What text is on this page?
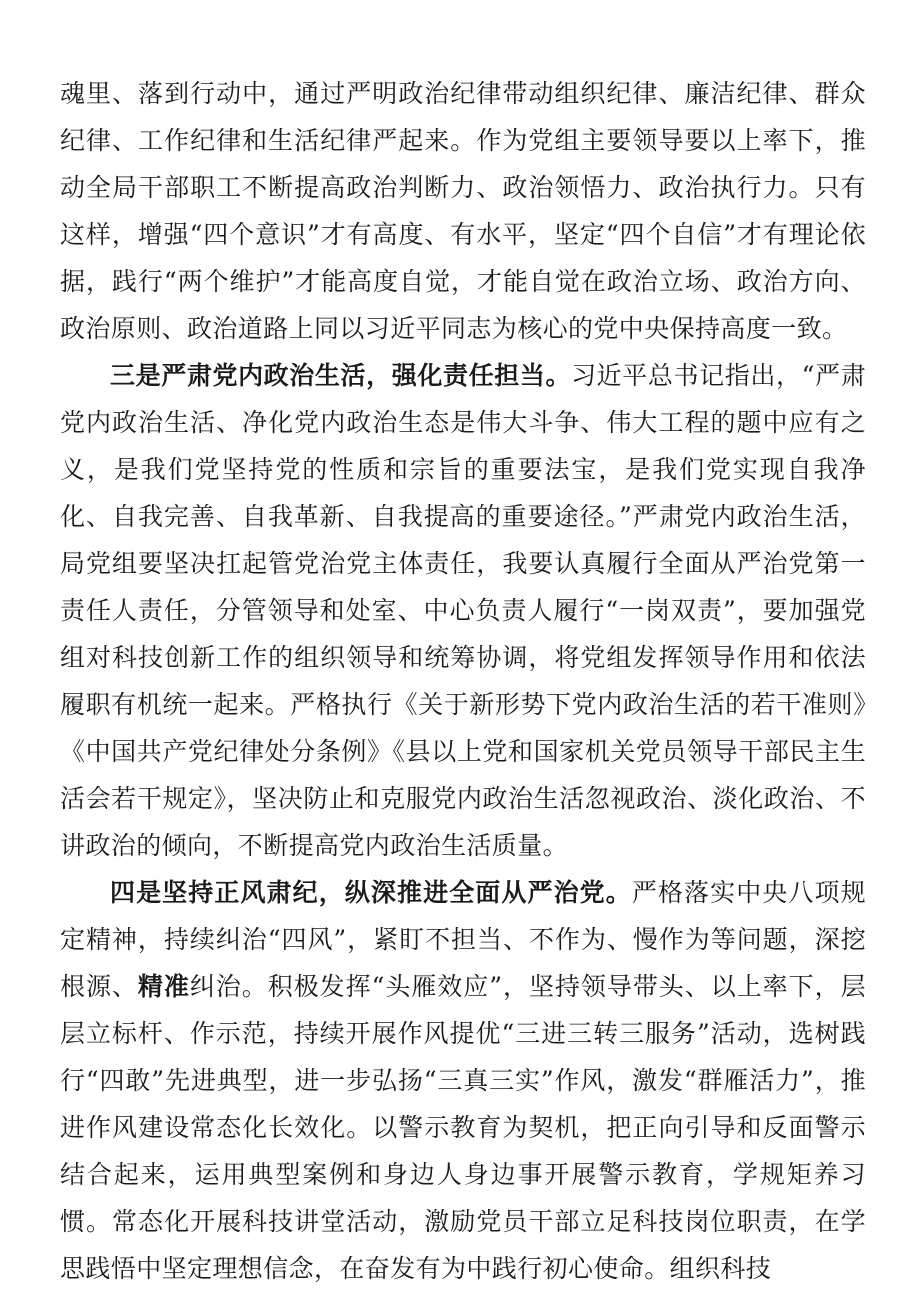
魂里、落到行动中，通过严明政治纪律带动组织纪律、廉洁纪律、群众纪律、工作纪律和生活纪律严起来。作为党组主要领导要以上率下，推动全局干部职工不断提高政治判断力、政治领悟力、政治执行力。只有这样，增强“四个意识”才有高度、有水平，坚定“四个自信”才有理论依据，践行“两个维护”才能高度自觉，才能自觉在政治立场、政治方向、政治原则、政治道路上同以习近平同志为核心的党中央保持高度一致。

三是严肃党内政治生活，强化责任担当。习近平总书记指出，“严肃党内政治生活、净化党内政治生态是伟大斗争、伟大工程的题中应有之义，是我们党坚持党的性质和宗旨的重要法宝，是我们党实现自我净化、自我完善、自我革新、自我提高的重要途径。”严肃党内政治生活，局党组要坚决扛起管党治党主体责任，我要认真履行全面从严治党第一责任人责任，分管领导和处室、中心负责人履行“一岗双责”，要加强党组对科技创新工作的组织领导和统筹协调，将党组发挥领导作用和依法履职有机统一起来。严格执行《关于新形势下党内政治生活的若干准则》《中国共产党纪律处分条例》《县以上党和国家机关党员领导干部民主生活会若干规定》，坚决防止和克服党内政治生活忽视政治、淡化政治、不讲政治的倾向，不断提高党内政治生活质量。

四是坚持正风肃纪，纵深推进全面从严治党。严格落实中央八项规定精神，持续纠治“四风”，紧盯不担当、不作为、慢作为等问题，深挖根源、精准纠治。积极发挥“头雁效应”，坚持领导带头、以上率下，层层立标杆、作示范，持续开展作风提优“三进三转三服务”活动，选树践行“四敢”先进典型，进一步弘扬“三真三实”作风，激发“群雁活力”，推进作风建设常态化长效化。以警示教育为契机，把正向引导和反面警示结合起来，运用典型案例和身边人身边事开展警示教育，学规矩养习惯。常态化开展科技讲堂活动，激励党员干部立足科技岗位职责，在学思践悟中坚定理想信念，在奋发有为中践行初心使命。组织科技
